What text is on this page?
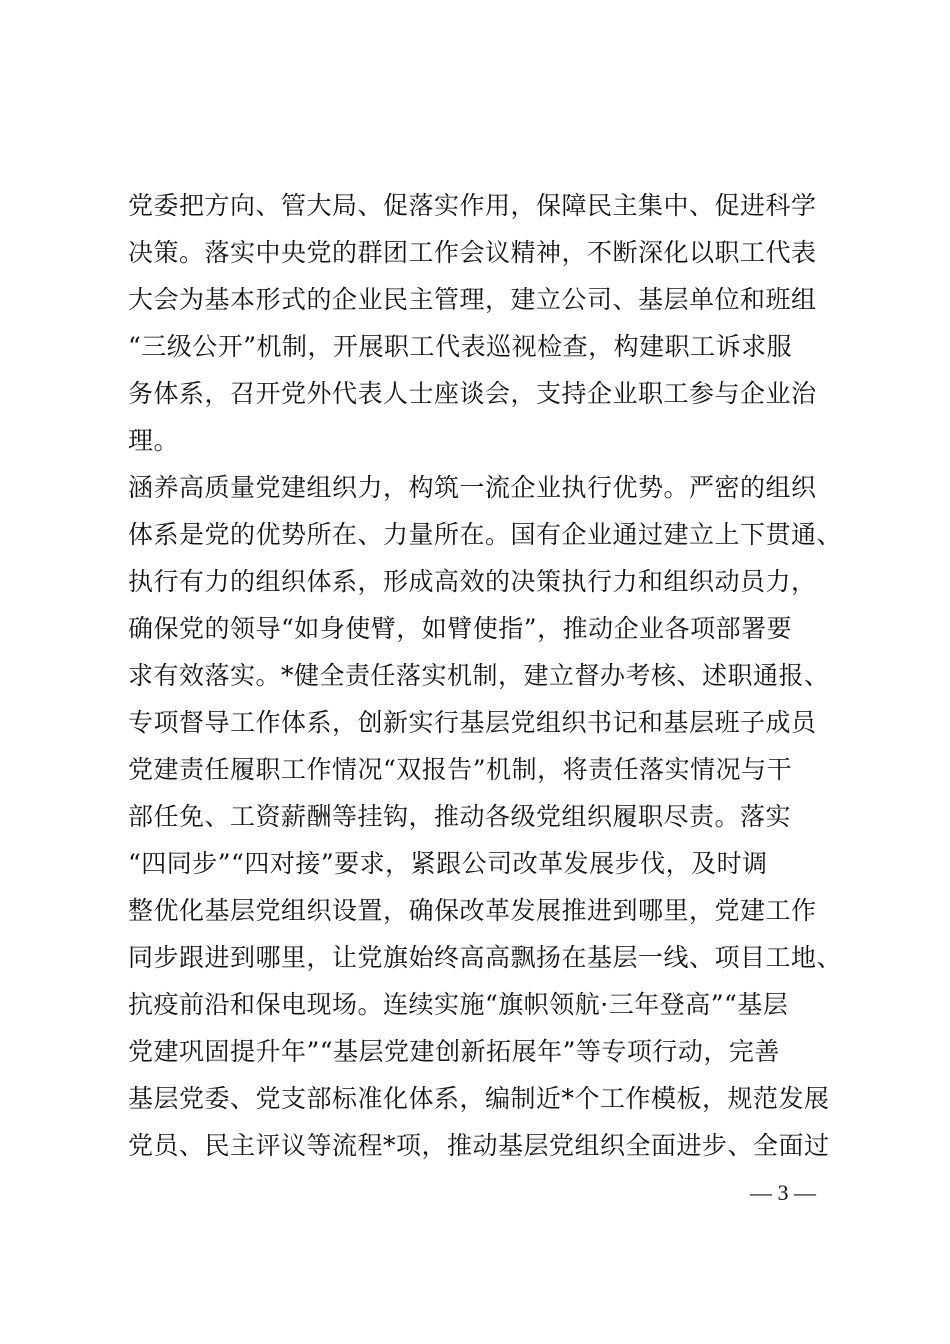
党委把方向、管大局、促落实作用，保障民主集中、促进科学
决策。落实中央党的群团工作会议精神，不断深化以职工代表
大会为基本形式的企业民主管理，建立公司、基层单位和班组
“三级公开”机制，开展职工代表巡视检查，构建职工诉求服
务体系，召开党外代表人士座谈会，支持企业职工参与企业治
理。
涵养高质量党建组织力，构筑一流企业执行优势。严密的组织
体系是党的优势所在、力量所在。国有企业通过建立上下贯通、
执行有力的组织体系，形成高效的决策执行力和组织动员力，
确保党的领导“如身使臂，如臂使指”，推动企业各项部署要
求有效落实。*健全责任落实机制，建立督办考核、述职通报、
专项督导工作体系，创新实行基层党组织书记和基层班子成员
党建责任履职工作情况“双报告”机制，将责任落实情况与干
部任免、工资薪酬等挂钩，推动各级党组织履职尽责。落实
“四同步”“四对接”要求，紧跟公司改革发展步伐，及时调
整优化基层党组织设置，确保改革发展推进到哪里，党建工作
同步跟进到哪里，让党旗始终高高飘扬在基层一线、项目工地、
抗疫前沿和保电现场。连续实施“旗帜领航·三年登高”“基层
党建巩固提升年”“基层党建创新拓展年”等专项行动，完善
基层党委、党支部标准化体系，编制近*个工作模板，规范发展
党员、民主评议等流程*项，推动基层党组织全面进步、全面过
— 3 —
